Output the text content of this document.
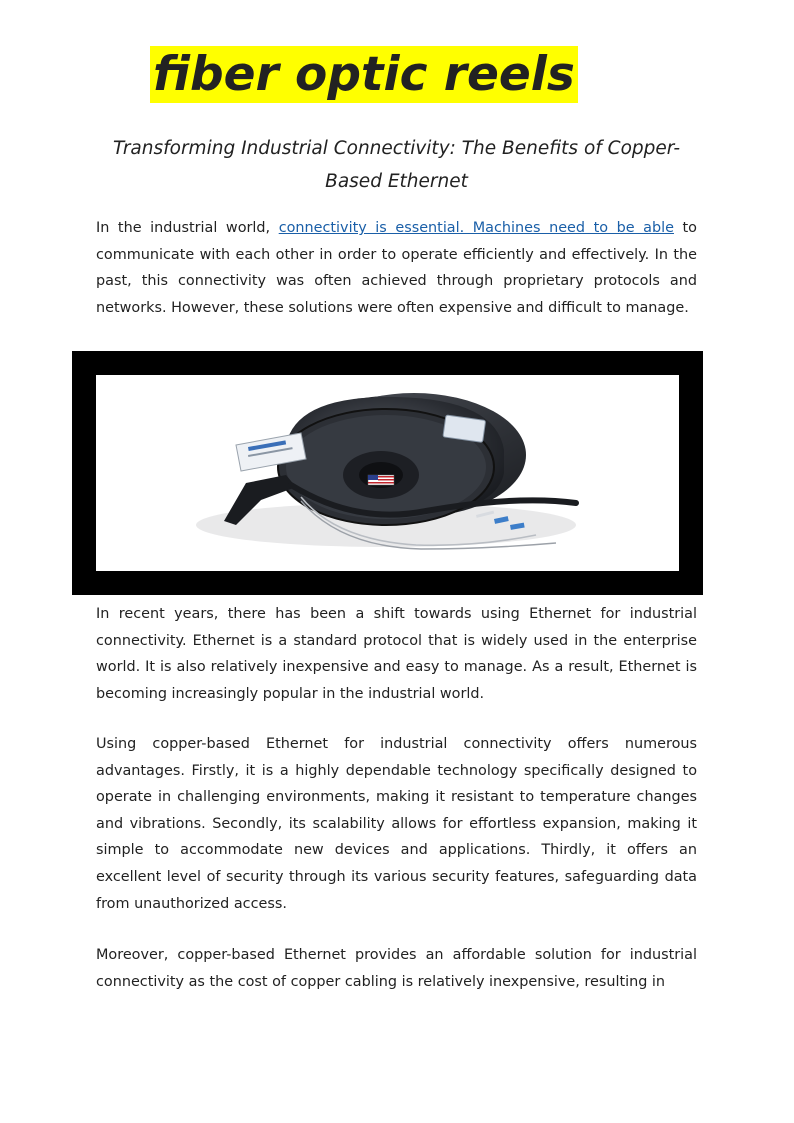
fiber optic reels
Transforming Industrial Connectivity: The Benefits of Copper-Based Ethernet

In the industrial world, connectivity is essential. Machines need to be able to communicate with each other in order to operate efficiently and effectively. In the past, this connectivity was often achieved through proprietary protocols and networks. However, these solutions were often expensive and difficult to manage.

In recent years, there has been a shift towards using Ethernet for industrial connectivity. Ethernet is a standard protocol that is widely used in the enterprise world. It is also relatively inexpensive and easy to manage. As a result, Ethernet is becoming increasingly popular in the industrial world.

Using copper-based Ethernet for industrial connectivity offers numerous advantages. Firstly, it is a highly dependable technology specifically designed to operate in challenging environments, making it resistant to temperature changes and vibrations. Secondly, its scalability allows for effortless expansion, making it simple to accommodate new devices and applications. Thirdly, it offers an excellent level of security through its various security features, safeguarding data from unauthorized access.

Moreover, copper-based Ethernet provides an affordable solution for industrial connectivity as the cost of copper cabling is relatively inexpensive, resulting in
